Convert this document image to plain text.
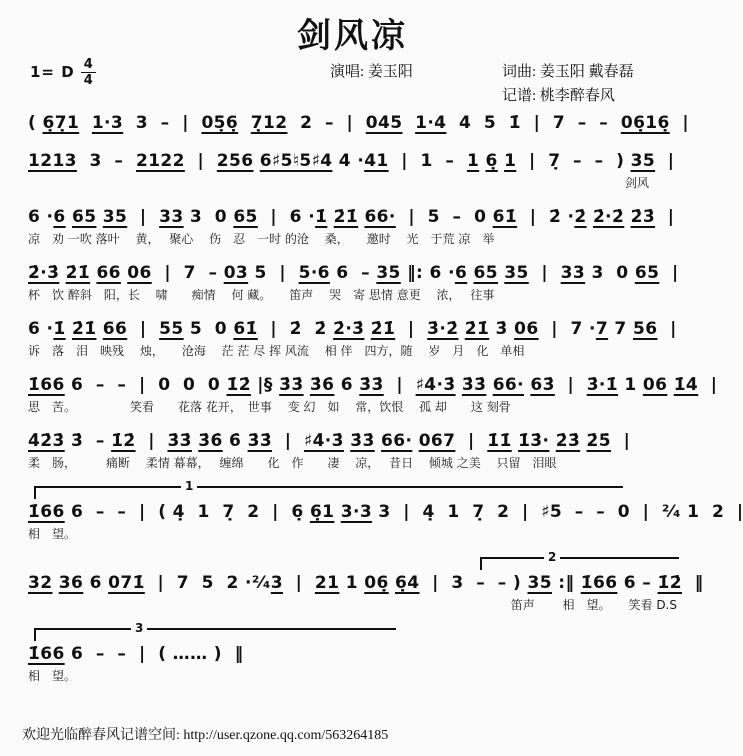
剑风凉
1= D $\frac{4}{4}$	演唱: 姜玉阳	词曲: 姜玉阳 戴春磊
记谱: 桃李醉春风
( 6̣7̣1 1·3  3  –  |  05̣6̣ 7̣12  2  –  |  045 1·4  4  5  1̇  |  7  –  –  06̣16̣  |
1213  3  –  2122  |  256 6♯5♮5♯4 4 ·41  |  1  –  1 6̣ 1  |  7̣  –  –  ) 35  |
剑风
6 ·6 65 35  |  33 3  0 65  |  6 ·1̇ 2̇1̇ 66·  |  5  –  0 61̇  |  2̇ ·2̇ 2̇·2̇ 2̇3̇  |
凉　劝 一吹 落叶　 黄，　 聚心　 伤　忍　一时 的沧　 桑，　　邀时　 光　于荒 凉　举
2̇·3̇ 2̇1̇ 66 06  |  7  – 03 5  |  5·6 6  – 35 ‖: 6 ·6 65 35  |  33 3  0 65  |
杯　饮 醉斜　阳，长　 啸　　痴情　 何 藏。　　笛声　 哭　寄 思情 意更　 浓，　 往事
6 ·1̇ 2̇1̇ 66  |  55 5  0 61̇  |  2̇  2̇ 2̇·3̇ 2̇1̇  |  3̇·2̇ 2̇1̇ 3̇ 06  |  7 ·7 7 56  |
诉　落　泪　映残　 烛，　　沧海　 茫 茫 尽 挥 风流　 相 伴　四方，随　 岁　月　化　单相
1̇66 6  –  –  |  0  0  0 1̇2̇ |§ 3̇3̇ 3̇6̇ 6̇ 3̇3̇  |  ♯4̇·3̇ 3̇3̇ 66· 63̇  |  3̇·1̇ 1 06 1̇4̇  |
思　苦。　　　　　笑看　　花落 花开，　世事　 变 幻　如　 常，饮恨　 孤 却　　这 刻骨
4̇2̇3̇ 3̇  – 1̇2̇  |  3̇3̇ 3̇6̇ 6̇ 3̇3̇  |  ♯4̇·3̇ 3̇3̇ 66· 067  |  1̇1̇ 1̇3̇· 2̇3̇ 2̇5̇  |
柔　肠，　　　痛断　 柔情 幕幕，　 缠绵　　化　作　　凄　 凉，　 昔日　 倾城 之美　 只留　泪眼
1
1̇66 6  –  –  |  ( 4̣  1  7̣  2  |  6̣ 6̣1 3·3 3  |  4̣  1  7̣  2  |  ♯5  –  –  0  |  ²⁄₄ 1  2  |
相　望。
2
32 36 6 071̇  |  7  5  2 ·²⁄₄3  |  21 1 06̣ 6̣4  |  3  –  – ) 35 :‖ 1̇66 6 – 1̇2̇  ‖
笛声　　 相　望。　　笑看 D.S
3
1̇66 6  –  –  |  ( …… )  ‖
相　望。
欢迎光临醉春风记谱空间: http://user.qzone.qq.com/563264185
